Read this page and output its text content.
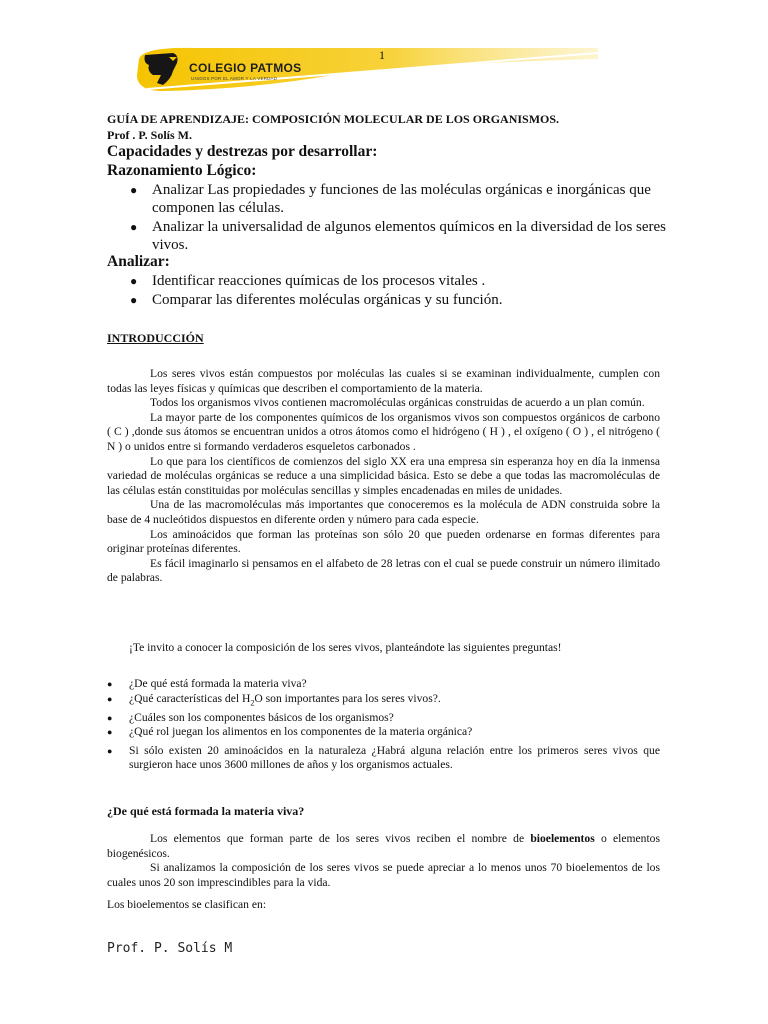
COLEGIO PATMOS
UNIDOS POR EL AMOR Y LA VERDAD
1
GUÍA DE APRENDIZAJE: COMPOSICIÓN MOLECULAR DE LOS ORGANISMOS.
Prof . P. Solís M.
Capacidades y destrezas por desarrollar:
Razonamiento Lógico:
● Analizar Las propiedades y funciones de las moléculas orgánicas e inorgánicas que componen las células.
● Analizar la universalidad de algunos elementos químicos en la diversidad de los seres vivos.
Analizar:
● Identificar reacciones químicas de los procesos vitales .
● Comparar las diferentes moléculas orgánicas y su función.
INTRODUCCIÓN

Los seres vivos están compuestos por moléculas las cuales si se examinan individualmente, cumplen con todas las leyes físicas y químicas que describen el comportamiento de la materia.

Todos los organismos vivos contienen macromoléculas orgánicas construidas de acuerdo a un plan común.

La mayor parte de los componentes químicos de los organismos vivos son compuestos orgánicos de carbono ( C ) ,donde sus átomos se encuentran unidos a otros átomos como el hidrógeno ( H ) , el oxígeno ( O ) , el nitrógeno ( N ) o unidos entre si formando verdaderos esqueletos carbonados .

Lo que para los científicos de comienzos del siglo XX era una empresa sin esperanza hoy en día la inmensa variedad de moléculas orgánicas se reduce a una simplicidad básica. Esto se debe a que todas las macromoléculas de las células están constituidas por moléculas sencillas y simples encadenadas en miles de unidades.

Una de las macromoléculas más importantes que conoceremos es la molécula de ADN construida sobre la base de 4 nucleótidos dispuestos en diferente orden y número para cada especie.

Los aminoácidos que forman las proteínas son sólo 20 que pueden ordenarse en formas diferentes para originar proteínas diferentes.

Es fácil imaginarlo si pensamos en el alfabeto de 28 letras con el cual se puede construir un número ilimitado de palabras.

¡Te invito a conocer la composición de los seres vivos, planteándote las siguientes preguntas!
● ¿De qué está formada la materia viva?
● ¿Qué características del $H_2O$ son importantes para los seres vivos?.
● ¿Cuáles son los componentes básicos de los organismos?
● ¿Qué rol juegan los alimentos en los componentes de la materia orgánica?
● Si sólo existen 20 aminoácidos en la naturaleza ¿Habrá alguna relación entre los primeros seres vivos que surgieron hace unos 3600 millones de años y los organismos actuales.
¿De qué está formada la materia viva?

Los elementos que forman parte de los seres vivos reciben el nombre de bioelementos o elementos biogenésicos.

Si analizamos la composición de los seres vivos se puede apreciar a lo menos unos 70 bioelementos de los cuales unos 20 son imprescindibles para la vida.

Los bioelementos se clasifican en:

Prof. P. Solís M
